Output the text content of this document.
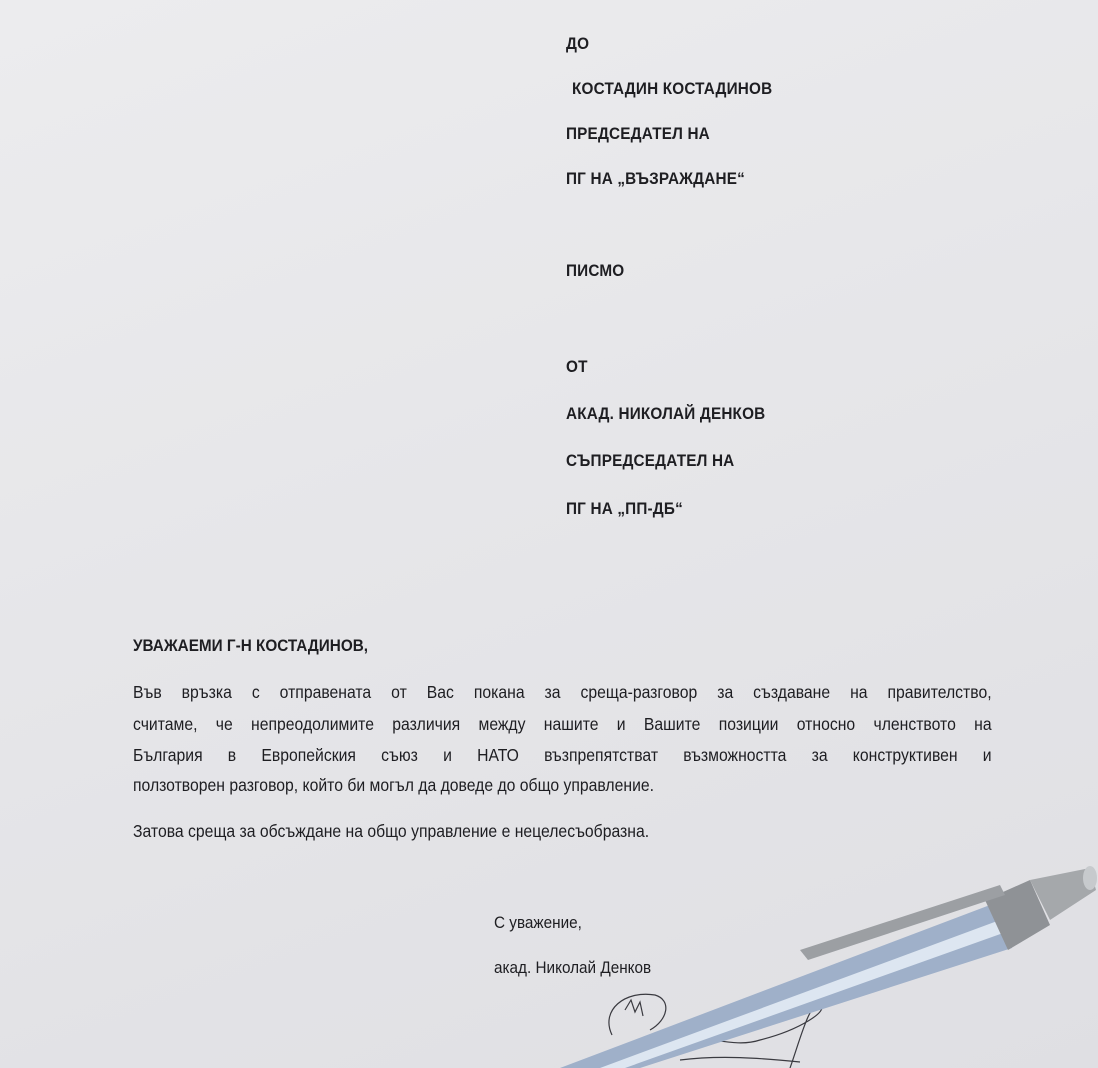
ДО
КОСТАДИН КОСТАДИНОВ
ПРЕДСЕДАТЕЛ НА
ПГ НА „ВЪЗРАЖДАНЕ“
ПИСМО
ОТ
АКАД. НИКОЛАЙ ДЕНКОВ
СЪПРЕДСЕДАТЕЛ НА
ПГ НА „ПП-ДБ“
УВАЖАЕМИ Г-Н КОСТАДИНОВ,
Във връзка с отправената от Вас покана за среща-разговор за създаване на правителство,
считаме, че непреодолимите различия между нашите и Вашите позиции относно членството на
България в Европейския съюз и НАТО възпрепятстват възможността за конструктивен и
ползотворен разговор, който би могъл да доведе до общо управление.
Затова среща за обсъждане на общо управление е нецелесъобразна.
С уважение,
акад. Николай Денков
